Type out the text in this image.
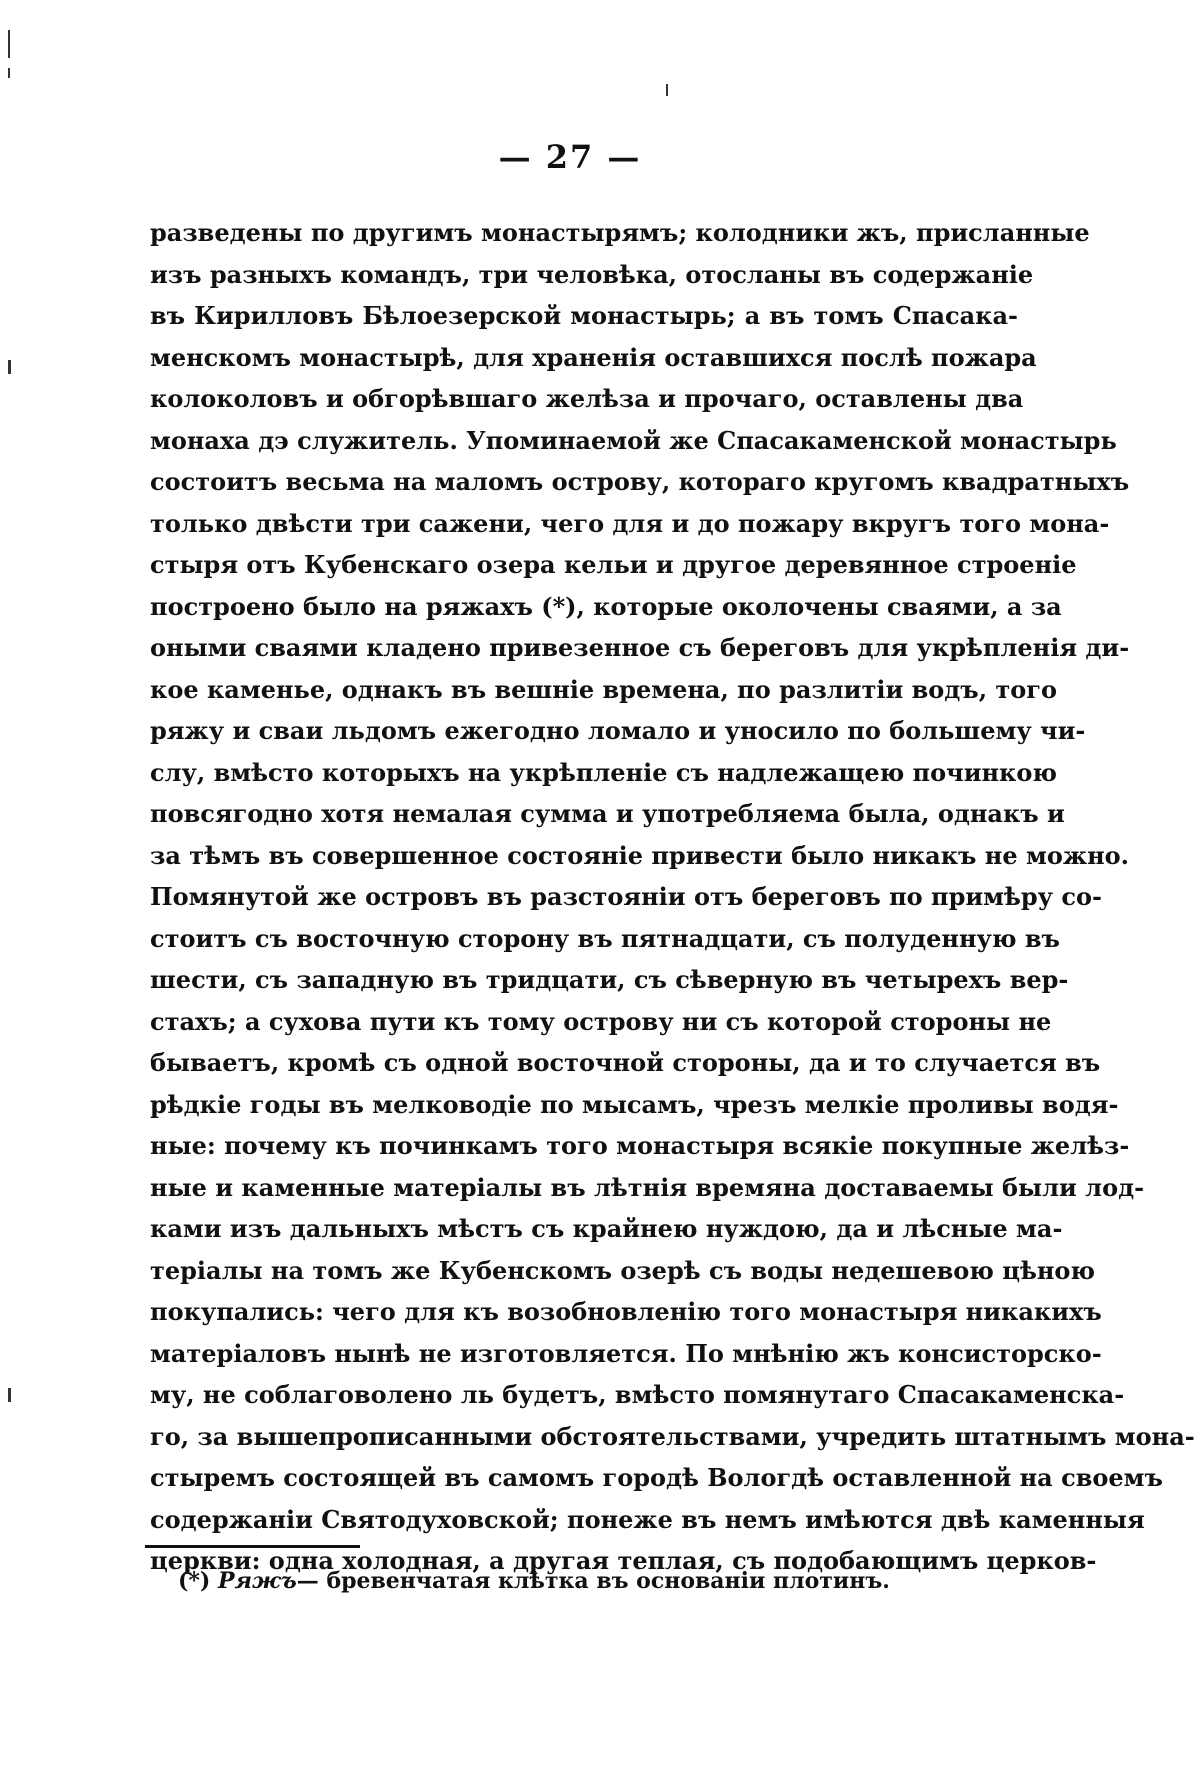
— 27 —
разведены по другимъ монастырямъ; колодники жъ, присланные
изъ разныхъ командъ, три человѣка, отосланы въ содержаніе
въ Кирилловъ Бѣлоезерской монастырь; а въ томъ Спасака-
менскомъ монастырѣ, для храненія оставшихся послѣ пожара
колоколовъ и обгорѣвшаго желѣза и прочаго, оставлены два
монаха дэ служитель. Упоминаемой же Спасакаменской монастырь
состоитъ весьма на маломъ острову, котораго кругомъ квадратныхъ
только двѣсти три сажени, чего для и до пожару вкругъ того мона-
стыря отъ Кубенскаго озера кельи и другое деревянное строеніе
построено было на ряжахъ (*), которые околочены сваями, а за
оными сваями кладено привезенное съ береговъ для укрѣпленія ди-
кое каменье, однакъ въ вешніе времена, по разлитіи водъ, того
ряжу и сваи льдомъ ежегодно ломало и уносило по большему чи-
слу, вмѣсто которыхъ на укрѣпленіе съ надлежащею починкою
повсягодно хотя немалая сумма и употребляема была, однакъ и
за тѣмъ въ совершенное состояніе привести было никакъ не можно.
Помянутой же островъ въ разстояніи отъ береговъ по примѣру со-
стоитъ съ восточную сторону въ пятнадцати, съ полуденную въ
шести, съ западную въ тридцати, съ сѣверную въ четырехъ вер-
стахъ; а сухова пути къ тому острову ни съ которой стороны не
бываетъ, кромѣ съ одной восточной стороны, да и то случается въ
рѣдкіе годы въ мелководіе по мысамъ, чрезъ мелкіе проливы водя-
ные: почему къ починкамъ того монастыря всякіе покупные желѣз-
ные и каменные матеріалы въ лѣтнія времяна доставаемы были лод-
ками изъ дальныхъ мѣстъ съ крайнею нуждою, да и лѣсные ма-
теріалы на томъ же Кубенскомъ озерѣ съ воды недешевою цѣною
покупались: чего для къ возобновленію того монастыря никакихъ
матеріаловъ нынѣ не изготовляется. По мнѣнію жъ консисторско-
му, не соблаговолено ль будетъ, вмѣсто помянутаго Спасакаменска-
го, за вышепрописанными обстоятельствами, учредить штатнымъ мона-
стыремъ состоящей въ самомъ городѣ Вологдѣ оставленной на своемъ
содержаніи Святодуховской; понеже въ немъ имѣются двѣ каменныя
церкви: одна холодная, а другая теплая, съ подобающимъ церков-
(*) Ряжъ— бревенчатая клѣтка въ основаніи плотинъ.
